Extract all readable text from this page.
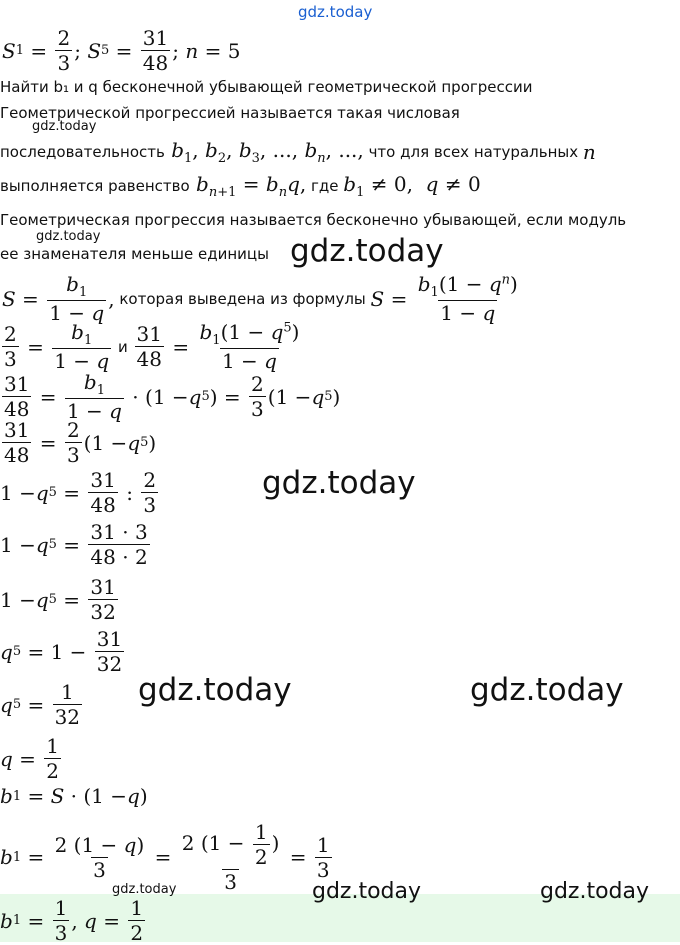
gdz.today
gdz.today
gdz.today	gdz.today
gdz.today
gdz.today	gdz.today
gdz.today	gdz.today	gdz.today
S $1 = \frac{2}{3}$ ; S $5 = \frac{31}{48}$ ; n = 5
Найти b₁ и q бесконечной убывающей геометрической прогрессии
Геометрической прогрессией называется такая числовая
последовательность $b_1$, $b_2$, $b_3$, ..., $b_n$, ..., что для всех натуральных n
выполняется равенство $b_{n+1} = b_nq$, где $b_1 \ne 0$,  q ≠ 0
Геометрическая прогрессия называется бесконечно убывающей, если модуль
ее знаменателя меньше единицы
$S = \frac{b_1}{1 - q}$ , которая выведена из формулы $S = \frac{b_1(1 - q^n)}{1 - q}$
$\frac{2}{3} = \frac{b_1}{1 - q}$ и $\frac{31}{48} = \frac{b_1(1 - q^5)}{1 - q}$
$\frac{31}{48} = \frac{b_1}{1 - q} \cdot (1 - q$ 5 ) = $\frac{2}{3} (1 - q$ 5 )
$\frac{31}{48} = \frac{2}{3} (1 - q$ 5 )
1 − q $5 = \frac{31}{48}$ : $\frac{2}{3}$
1 − q $5 = \frac{31 \cdot 3}{48 \cdot 2}$
1 − q $5 = \frac{31}{32}$
q $5 = 1 - \frac{31}{32}$
q $5 = \frac{1}{32}$
$q = \frac{1}{2}$
b 1 = S · (1 − q )
b $1 = \frac{2 (1 - q)}{3} = \frac{2 (1 - \frac{1}{2} )}{3} = \frac{1}{3}$
b $1 = \frac{1}{3}$ , $q = \frac{1}{2}$
